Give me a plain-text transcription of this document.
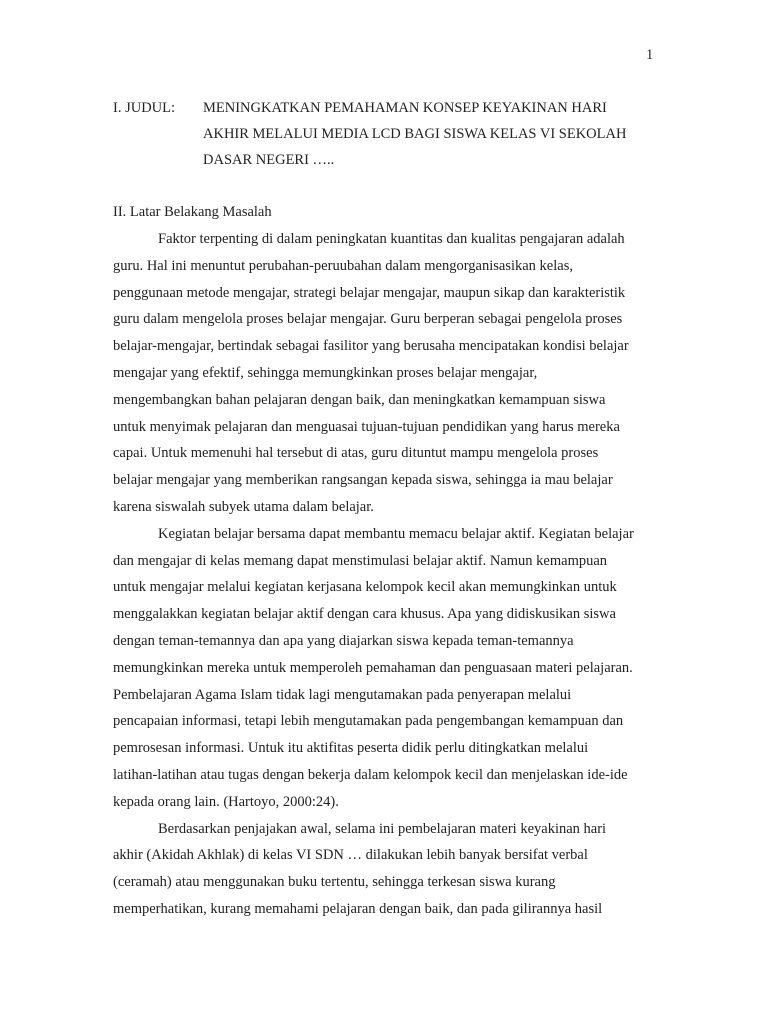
1
I. JUDUL:	MENINGKATKAN PEMAHAMAN KONSEP KEYAKINAN HARI
AKHIR MELALUI MEDIA LCD BAGI SISWA KELAS VI SEKOLAH
DASAR NEGERI …..
II. Latar Belakang Masalah
Faktor terpenting di dalam peningkatan kuantitas dan kualitas pengajaran adalah
guru. Hal ini menuntut perubahan-peruubahan dalam mengorganisasikan kelas,
penggunaan metode mengajar, strategi belajar mengajar, maupun sikap dan karakteristik
guru dalam mengelola proses belajar mengajar. Guru berperan sebagai pengelola proses
belajar-mengajar, bertindak sebagai fasilitor yang berusaha mencipatakan kondisi belajar
mengajar yang efektif, sehingga memungkinkan proses belajar mengajar,
mengembangkan bahan pelajaran dengan baik, dan meningkatkan kemampuan siswa
untuk menyimak pelajaran dan menguasai tujuan-tujuan pendidikan yang harus mereka
capai. Untuk memenuhi hal tersebut di atas, guru dituntut mampu mengelola proses
belajar mengajar yang memberikan rangsangan kepada siswa, sehingga ia mau belajar
karena siswalah subyek utama dalam belajar.
Kegiatan belajar bersama dapat membantu memacu belajar aktif. Kegiatan belajar
dan mengajar di kelas memang dapat menstimulasi belajar aktif. Namun kemampuan
untuk mengajar melalui kegiatan kerjasana kelompok kecil akan memungkinkan untuk
menggalakkan kegiatan belajar aktif dengan cara khusus. Apa yang didiskusikan siswa
dengan teman-temannya dan apa yang diajarkan siswa kepada teman-temannya
memungkinkan mereka untuk memperoleh pemahaman dan penguasaan materi pelajaran.
Pembelajaran Agama Islam tidak lagi mengutamakan pada penyerapan melalui
pencapaian informasi, tetapi lebih mengutamakan pada pengembangan kemampuan dan
pemrosesan informasi. Untuk itu aktifitas peserta didik perlu ditingkatkan melalui
latihan-latihan atau tugas dengan bekerja dalam kelompok kecil dan menjelaskan ide-ide
kepada orang lain. (Hartoyo, 2000:24).
Berdasarkan penjajakan awal, selama ini pembelajaran materi keyakinan hari
akhir (Akidah Akhlak) di kelas VI SDN … dilakukan lebih banyak bersifat verbal
(ceramah) atau menggunakan buku tertentu, sehingga terkesan siswa kurang
memperhatikan, kurang memahami pelajaran dengan baik, dan pada gilirannya hasil
